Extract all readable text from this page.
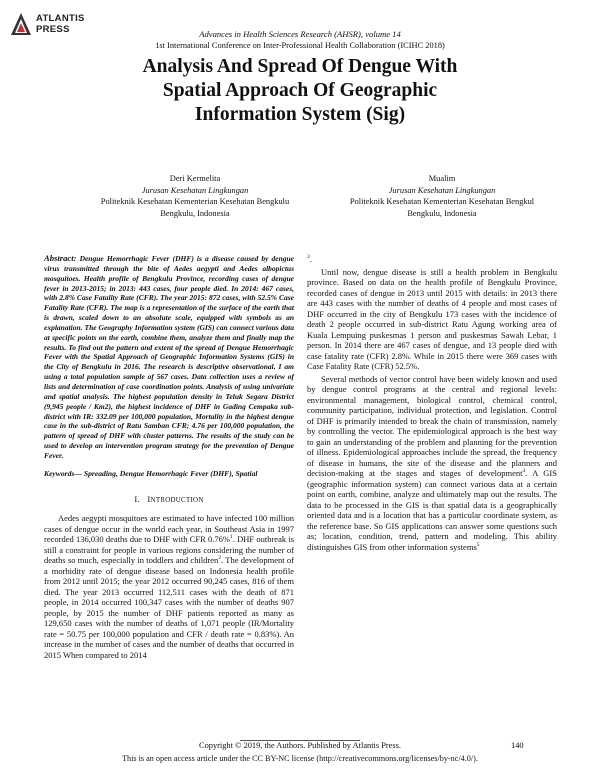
ATLANTIS
PRESS	Advances in Health Sciences Research (AHSR), volume 14
1st International Conference on Inter-Professional Health Collaboration (ICIHC 2018)
Analysis And Spread Of Dengue With
Spatial Approach Of Geographic
Information System (Sig)
Deri Kermelita
Jurusan Kesehatan Lingkungan
Politeknik Kesehatan Kementerian Kesehatan Bengkulu
Bengkulu, Indonesia
Mualim
Jurusan Kesehatan Lingkungan
Politeknik Kesehatan Kementerian Kesehatan Bengkul
Bengkulu, Indonesia

Abstract: Dengue Hemorrhagic Fever (DHF) is a disease caused by dengue virus transmitted through the bite of Aedes aegypti and Aedes albopictus mosquitoes. Health profile of Bengkulu Province, recording cases of dengue fever in 2013-2015; in 2013: 443 cases, four people died. In 2014: 467 cases, with 2.8% Case Fatality Rate (CFR). The year 2015: 872 cases, with 52.5% Case Fatality Rate (CFR). The map is a representation of the surface of the earth that is drawn, scaled down to an absolute scale, equipped with symbols as an explanation. The Geography Information system (GIS) can connect various data at specific points on the earth, combine them, analyze them and finally map the results. To find out the pattern and extent of the spread of Dengue Hemorrhagic Fever with the Spatial Approach of Geographic Information Systems (GIS) in the City of Bengkulu in 2016. The research is descriptive observational. I am using a total population sample of 567 cases. Data collection uses a review of lists and determination of case coordination points. Analysis of using univariate and spatial analysis. The highest population density in Teluk Segara District (9,945 people / Km2), the highest incidence of DHF in Gading Cempaka sub-district with IR: 332.09 per 100,000 population, Mortality in the highest dengue case in the sub-district of Ratu Samban CFR; 4.76 per 100,000 population, the pattern of spread of DHF with cluster patterns. The results of the study can be used to develop an intervention program strategy for the prevention of Dengue Fever.

Keywords— Spreading, Dengue Hemorrhagic Fever (DHF), Spatial

I. INTRODUCTION

Aedes aegypti mosquitoes are estimated to have infected 100 million cases of dengue occur in the world each year, in Southeast Asia in 1997 recorded 136,030 deaths due to DHF with CFR 0.76%$^1$. DHF outbreak is still a constraint for people in various regions considering the number of deaths so much, especially in toddlers and children$^2$. The development of a morbidity rate of dengue disease based on Indonesia health profile from 2012 until 2015; the year 2012 occurred 90,245 cases, 816 of them died. The year 2013 occurred 112,511 cases with the death of 871 people, in 2014 occurred 100,347 cases with the number of deaths 907 people, by 2015 the number of DHF patients reported as many as 129,650 cases with the number of deaths of 1,071 people (IR/Mortality rate = 50.75 per 100,000 population and CFR / death rate = 0.83%). An increase in the number of cases and the number of deaths that occurred in 2015 When compared to 2014

$^3$.

Until now, dengue disease is still a health problem in Bengkulu province. Based on data on the health profile of Bengkulu Province, recorded cases of dengue in 2013 until 2015 with details: in 2013 there are 443 cases with the number of deaths of 4 people and most cases of DHF occurred in the city of Bengkulu 173 cases with the incidence of death 2 people occurred in sub-district Ratu Agung working area of Kuala Lempuing puskesmas 1 person and puskesmas Sawah Lebar, 1 person. In 2014 there are 467 cases of dengue, and 13 people died with case fatality rate (CFR) 2.8%. While in 2015 there were 369 cases with Case Fatality Rate (CFR) 52.5%.

Several methods of vector control have been widely known and used by dengue control programs at the central and regional levels: environmental management, biological control, chemical control, community participation, individual protection, and legislation. Control of DHF is primarily intended to break the chain of transmission, namely by controlling the vector. The epidemiological approach is the best way to gain an understanding of the problem and planning for the prevention of illness. Epidemiological approaches include the spread, the frequency of disease in humans, the site of the disease and the planners and decision-making at the stages and stages of development$^4$. A GIS (geographic information system) can connect various data at a certain point on earth, combine, analyze and ultimately map out the results. The data to be processed in the GIS is that spatial data is a geographically oriented data and is a location that has a particular coordinate system, as the reference base. So GIS applications can answer some questions such as; location, condition, trend, pattern and modeling. This ability distinguishes GIS from other information systems$^5$

Copyright © 2019, the Authors. Published by Atlantis Press.	140
This is an open access article under the CC BY-NC license (http://creativecommons.org/licenses/by-nc/4.0/).
